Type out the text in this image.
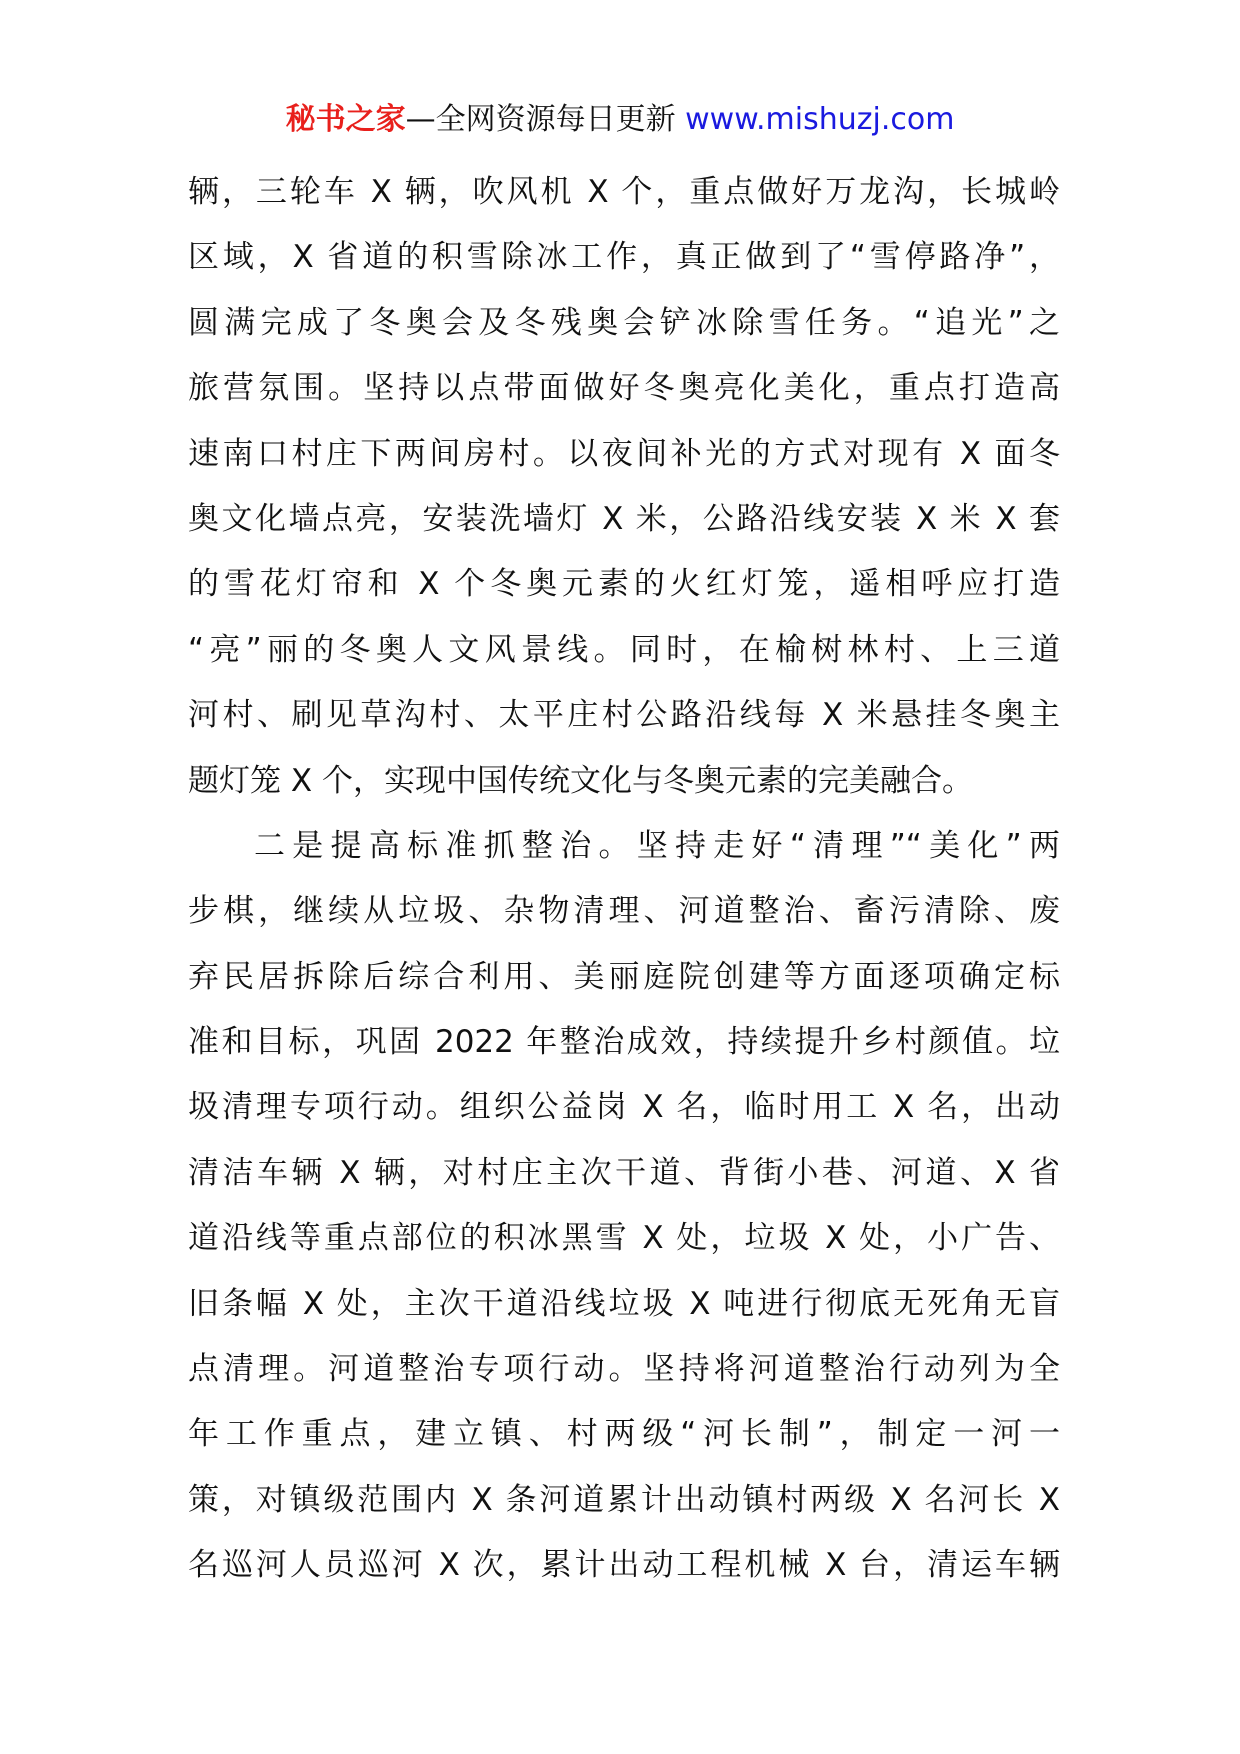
秘书之家—全网资源每日更新 www.mishuzj.com
辆，三轮车 X 辆，吹风机 X 个，重点做好万龙沟，长城岭
区域，X 省道的积雪除冰工作，真正做到了“雪停路净”，
圆满完成了冬奥会及冬残奥会铲冰除雪任务。“追光”之
旅营氛围。坚持以点带面做好冬奥亮化美化，重点打造高
速南口村庄下两间房村。以夜间补光的方式对现有 X 面冬
奥文化墙点亮，安装洗墙灯 X 米，公路沿线安装 X 米 X 套
的雪花灯帘和 X 个冬奥元素的火红灯笼，遥相呼应打造
“亮”丽的冬奥人文风景线。同时，在榆树林村、上三道
河村、刷见草沟村、太平庄村公路沿线每 X 米悬挂冬奥主
题灯笼 X 个，实现中国传统文化与冬奥元素的完美融合。
二是提高标准抓整治。坚持走好“清理”“美化”两
步棋，继续从垃圾、杂物清理、河道整治、畜污清除、废
弃民居拆除后综合利用、美丽庭院创建等方面逐项确定标
准和目标，巩固 2022 年整治成效，持续提升乡村颜值。垃
圾清理专项行动。组织公益岗 X 名，临时用工 X 名，出动
清洁车辆 X 辆，对村庄主次干道、背街小巷、河道、X 省
道沿线等重点部位的积冰黑雪 X 处，垃圾 X 处，小广告、
旧条幅 X 处，主次干道沿线垃圾 X 吨进行彻底无死角无盲
点清理。河道整治专项行动。坚持将河道整治行动列为全
年工作重点，建立镇、村两级“河长制”，制定一河一
策，对镇级范围内 X 条河道累计出动镇村两级 X 名河长 X
名巡河人员巡河 X 次，累计出动工程机械 X 台，清运车辆
